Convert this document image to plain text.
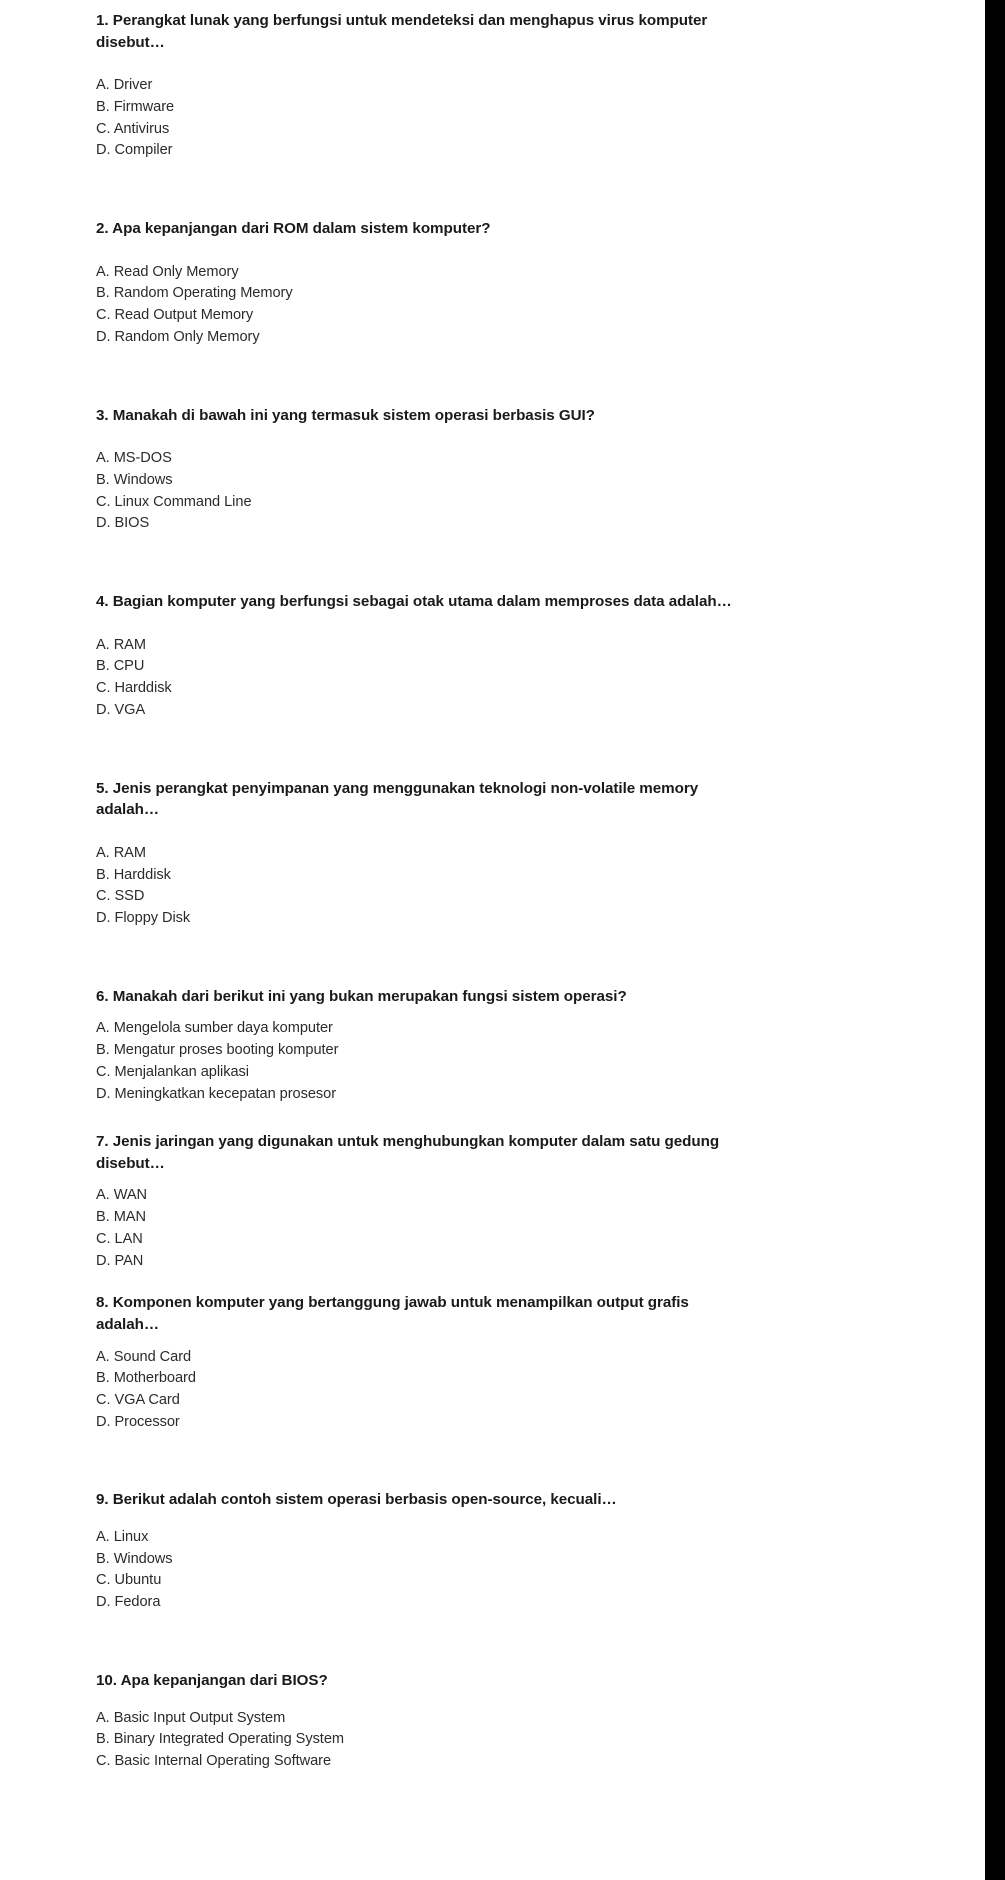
1. Perangkat lunak yang berfungsi untuk mendeteksi dan menghapus virus komputer disebut…

A. Driver
B. Firmware
C. Antivirus
D. Compiler

2. Apa kepanjangan dari ROM dalam sistem komputer?

A. Read Only Memory
B. Random Operating Memory
C. Read Output Memory
D. Random Only Memory

3. Manakah di bawah ini yang termasuk sistem operasi berbasis GUI?

A. MS-DOS
B. Windows
C. Linux Command Line
D. BIOS

4. Bagian komputer yang berfungsi sebagai otak utama dalam memproses data adalah…

A. RAM
B. CPU
C. Harddisk
D. VGA

5. Jenis perangkat penyimpanan yang menggunakan teknologi non-volatile memory adalah…

A. RAM
B. Harddisk
C. SSD
D. Floppy Disk

6. Manakah dari berikut ini yang bukan merupakan fungsi sistem operasi?

A. Mengelola sumber daya komputer
B. Mengatur proses booting komputer
C. Menjalankan aplikasi
D. Meningkatkan kecepatan prosesor

7. Jenis jaringan yang digunakan untuk menghubungkan komputer dalam satu gedung disebut…

A. WAN
B. MAN
C. LAN
D. PAN

8. Komponen komputer yang bertanggung jawab untuk menampilkan output grafis adalah…

A. Sound Card
B. Motherboard
C. VGA Card
D. Processor

9. Berikut adalah contoh sistem operasi berbasis open-source, kecuali…

A. Linux
B. Windows
C. Ubuntu
D. Fedora

10. Apa kepanjangan dari BIOS?

A. Basic Input Output System
B. Binary Integrated Operating System
C. Basic Internal Operating Software
